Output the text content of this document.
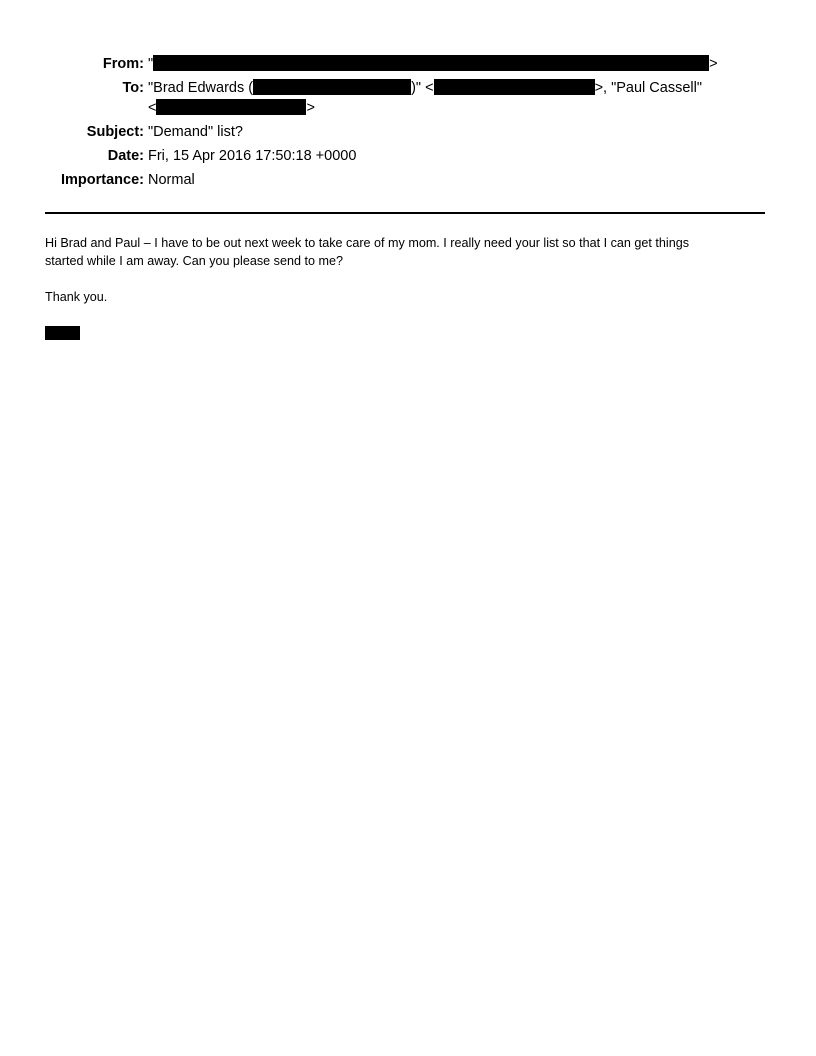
From: "	>
To: "Brad Edwards (	)" <	>, "Paul Cassell"
<	>
Subject: "Demand" list?
Date: Fri, 15 Apr 2016 17:50:18 +0000
Importance: Normal
Hi Brad and Paul – I have to be out next week to take care of my mom. I really need your list so that I can get things
started while I am away. Can you please send to me?
Thank you.
